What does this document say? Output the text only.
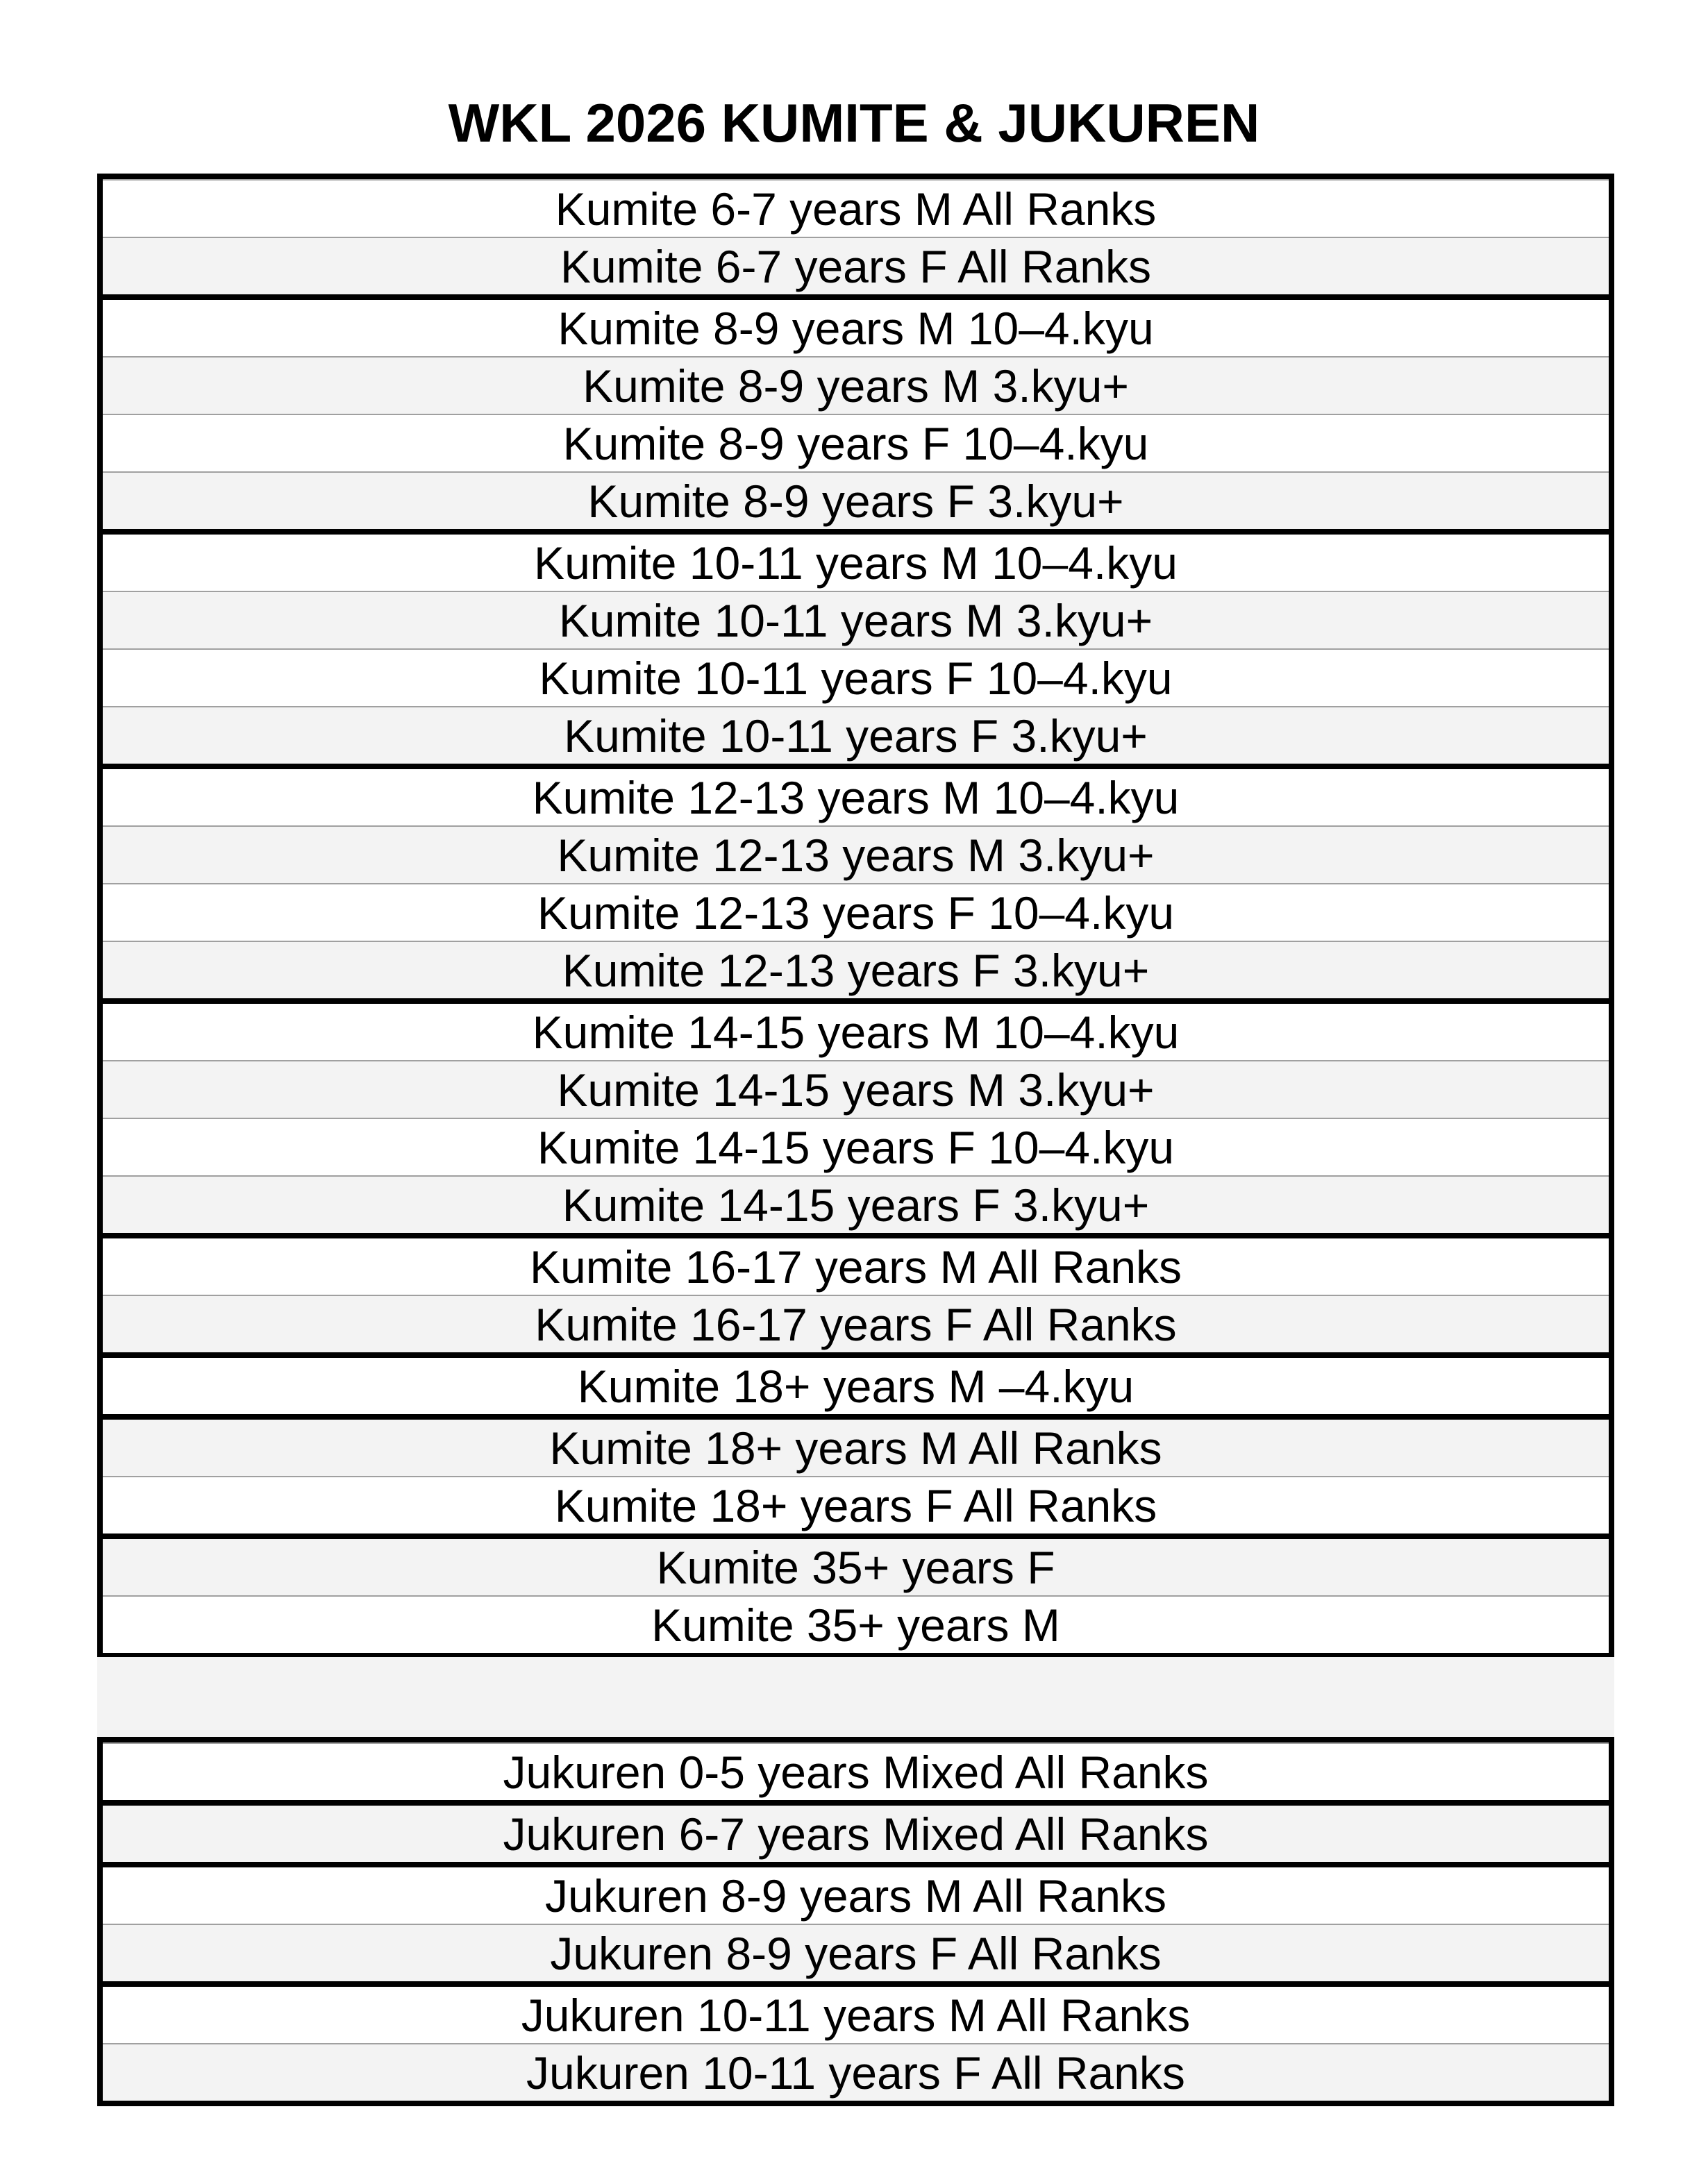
WKL 2026 KUMITE & JUKUREN
Kumite 6-7 years M All Ranks
Kumite 6-7 years F All Ranks
Kumite 8-9 years M 10–4.kyu
Kumite 8-9 years M 3.kyu+
Kumite 8-9 years F 10–4.kyu
Kumite 8-9 years F 3.kyu+
Kumite 10-11 years M 10–4.kyu
Kumite 10-11 years M 3.kyu+
Kumite 10-11 years F 10–4.kyu
Kumite 10-11 years F 3.kyu+
Kumite 12-13 years M 10–4.kyu
Kumite 12-13 years M 3.kyu+
Kumite 12-13 years F 10–4.kyu
Kumite 12-13 years F 3.kyu+
Kumite 14-15 years M 10–4.kyu
Kumite 14-15 years M 3.kyu+
Kumite 14-15 years F 10–4.kyu
Kumite 14-15 years F 3.kyu+
Kumite 16-17 years M All Ranks
Kumite 16-17 years F All Ranks
Kumite 18+ years M –4.kyu
Kumite 18+ years M All Ranks
Kumite 18+ years F All Ranks
Kumite 35+ years F
Kumite 35+ years M
Jukuren 0-5 years Mixed All Ranks
Jukuren 6-7 years Mixed All Ranks
Jukuren 8-9 years M All Ranks
Jukuren 8-9 years F All Ranks
Jukuren 10-11 years M All Ranks
Jukuren 10-11 years F All Ranks
